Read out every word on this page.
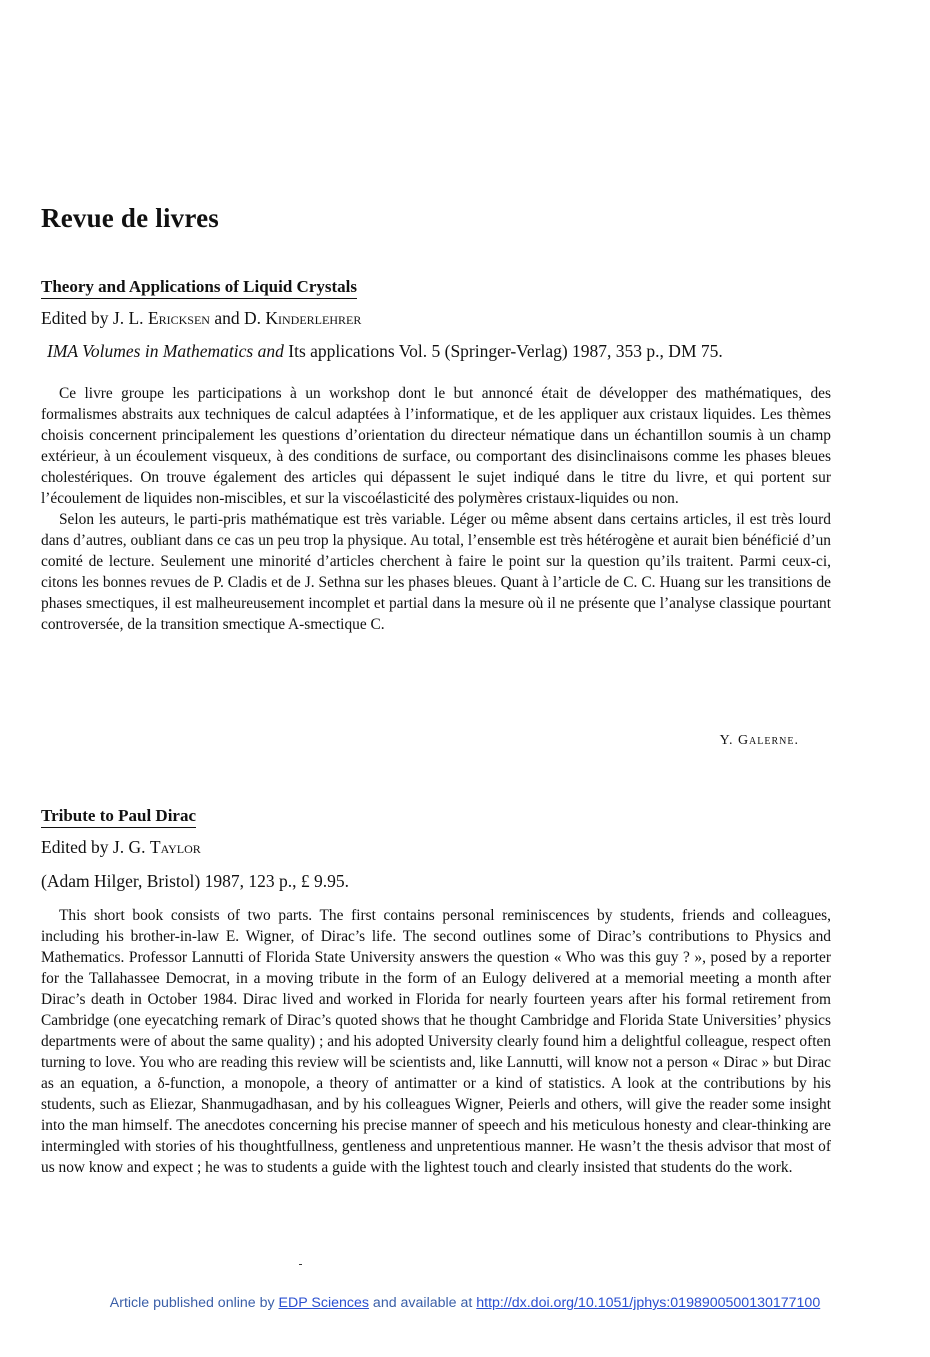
Revue de livres
Theory and Applications of Liquid Crystals
Edited by J. L. Ericksen and D. Kinderlehrer
IMA Volumes in Mathematics and Its applications Vol. 5 (Springer-Verlag) 1987, 353 p., DM 75.

Ce livre groupe les participations à un workshop dont le but annoncé était de développer des mathématiques, des formalismes abstraits aux techniques de calcul adaptées à l’informatique, et de les appliquer aux cristaux liquides. Les thèmes choisis concernent principalement les questions d’orientation du directeur nématique dans un échantillon soumis à un champ extérieur, à un écoulement visqueux, à des conditions de surface, ou comportant des disinclinaisons comme les phases bleues cholestériques. On trouve également des articles qui dépassent le sujet indiqué dans le titre du livre, et qui portent sur l’écoulement de liquides non-miscibles, et sur la viscoélasticité des polymères cristaux-liquides ou non.

Selon les auteurs, le parti-pris mathématique est très variable. Léger ou même absent dans certains articles, il est très lourd dans d’autres, oubliant dans ce cas un peu trop la physique. Au total, l’ensemble est très hétérogène et aurait bien bénéficié d’un comité de lecture. Seulement une minorité d’articles cherchent à faire le point sur la question qu’ils traitent. Parmi ceux-ci, citons les bonnes revues de P. Cladis et de J. Sethna sur les phases bleues. Quant à l’article de C. C. Huang sur les transitions de phases smectiques, il est malheureusement incomplet et partial dans la mesure où il ne présente que l’analyse classique pourtant controversée, de la transition smectique A-smectique C.

Y. Galerne.
Tribute to Paul Dirac
Edited by J. G. Taylor
(Adam Hilger, Bristol) 1987, 123 p., £ 9.95.

This short book consists of two parts. The first contains personal reminiscences by students, friends and colleagues, including his brother-in-law E. Wigner, of Dirac’s life. The second outlines some of Dirac’s contributions to Physics and Mathematics. Professor Lannutti of Florida State University answers the question « Who was this guy ? », posed by a reporter for the Tallahassee Democrat, in a moving tribute in the form of an Eulogy delivered at a memorial meeting a month after Dirac’s death in October 1984. Dirac lived and worked in Florida for nearly fourteen years after his formal retirement from Cambridge (one eyecatching remark of Dirac’s quoted shows that he thought Cambridge and Florida State Universities’ physics departments were of about the same quality) ; and his adopted University clearly found him a delightful colleague, respect often turning to love. You who are reading this review will be scientists and, like Lannutti, will know not a person « Dirac » but Dirac as an equation, a δ-function, a monopole, a theory of antimatter or a kind of statistics. A look at the contributions by his students, such as Eliezar, Shanmugadhasan, and by his colleagues Wigner, Peierls and others, will give the reader some insight into the man himself. The anecdotes concerning his precise manner of speech and his meticulous honesty and clear-thinking are intermingled with stories of his thoughtfullness, gentleness and unpretentious manner. He wasn’t the thesis advisor that most of us now know and expect ; he was to students a guide with the lightest touch and clearly insisted that students do the work.

Article published online by EDP Sciences and available at http://dx.doi.org/10.1051/jphys:0198900500130177100
